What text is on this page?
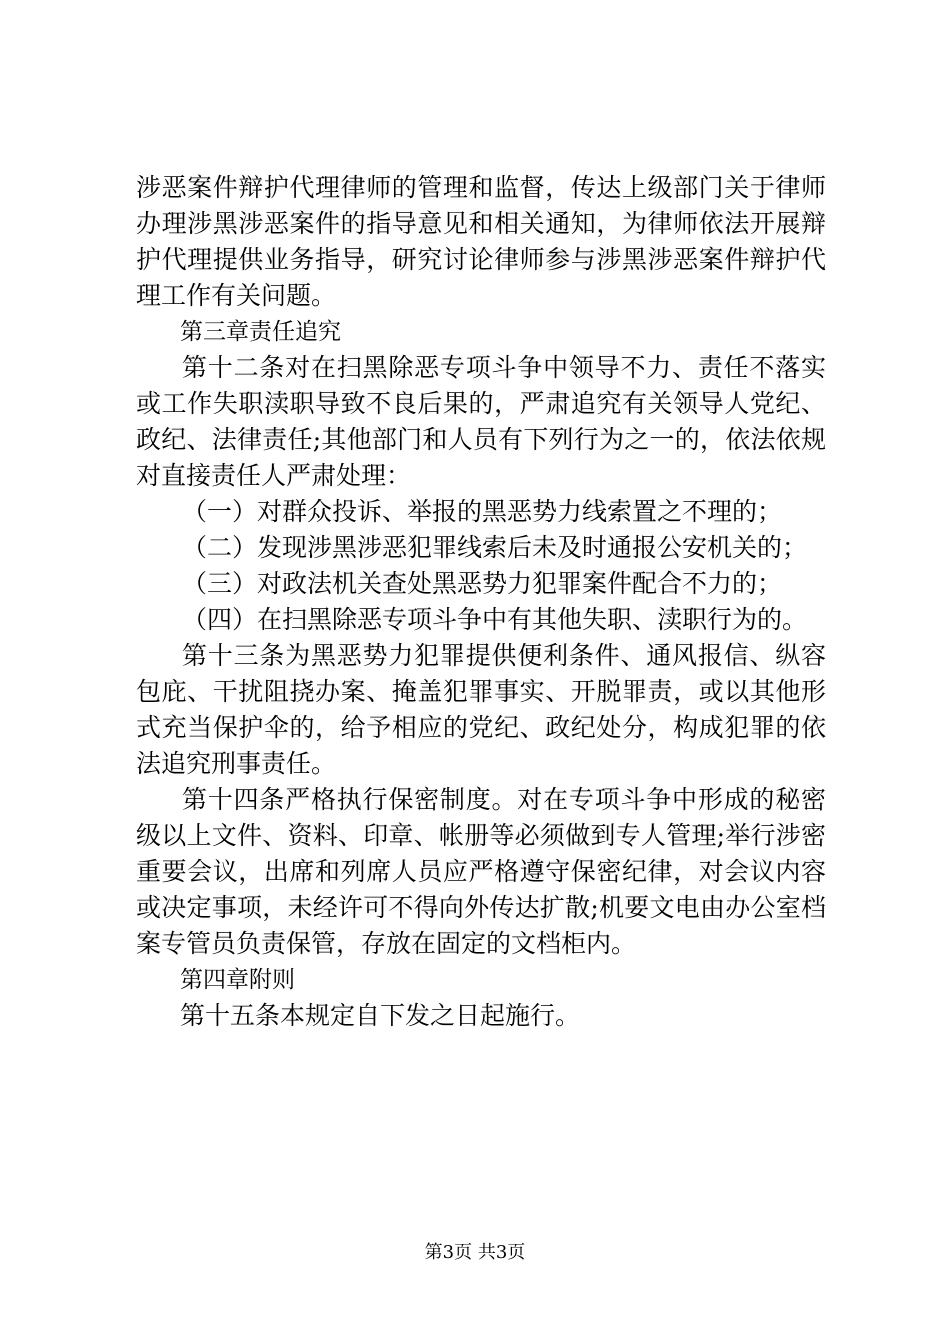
涉恶案件辩护代理律师的管理和监督，传达上级部门关于律师
办理涉黑涉恶案件的指导意见和相关通知，为律师依法开展辩
护代理提供业务指导，研究讨论律师参与涉黑涉恶案件辩护代
理工作有关问题。
第三章责任追究
第十二条对在扫黑除恶专项斗争中领导不力、责任不落实
或工作失职渎职导致不良后果的，严肃追究有关领导人党纪、
政纪、法律责任;其他部门和人员有下列行为之一的，依法依规
对直接责任人严肃处理：
（一）对群众投诉、举报的黑恶势力线索置之不理的；
（二）发现涉黑涉恶犯罪线索后未及时通报公安机关的；
（三）对政法机关查处黑恶势力犯罪案件配合不力的；
（四）在扫黑除恶专项斗争中有其他失职、渎职行为的。
第十三条为黑恶势力犯罪提供便利条件、通风报信、纵容
包庇、干扰阻挠办案、掩盖犯罪事实、开脱罪责，或以其他形
式充当保护伞的，给予相应的党纪、政纪处分，构成犯罪的依
法追究刑事责任。
第十四条严格执行保密制度。对在专项斗争中形成的秘密
级以上文件、资料、印章、帐册等必须做到专人管理;举行涉密
重要会议，出席和列席人员应严格遵守保密纪律，对会议内容
或决定事项，未经许可不得向外传达扩散;机要文电由办公室档
案专管员负责保管，存放在固定的文档柜内。
第四章附则
第十五条本规定自下发之日起施行。
第3页 共3页
